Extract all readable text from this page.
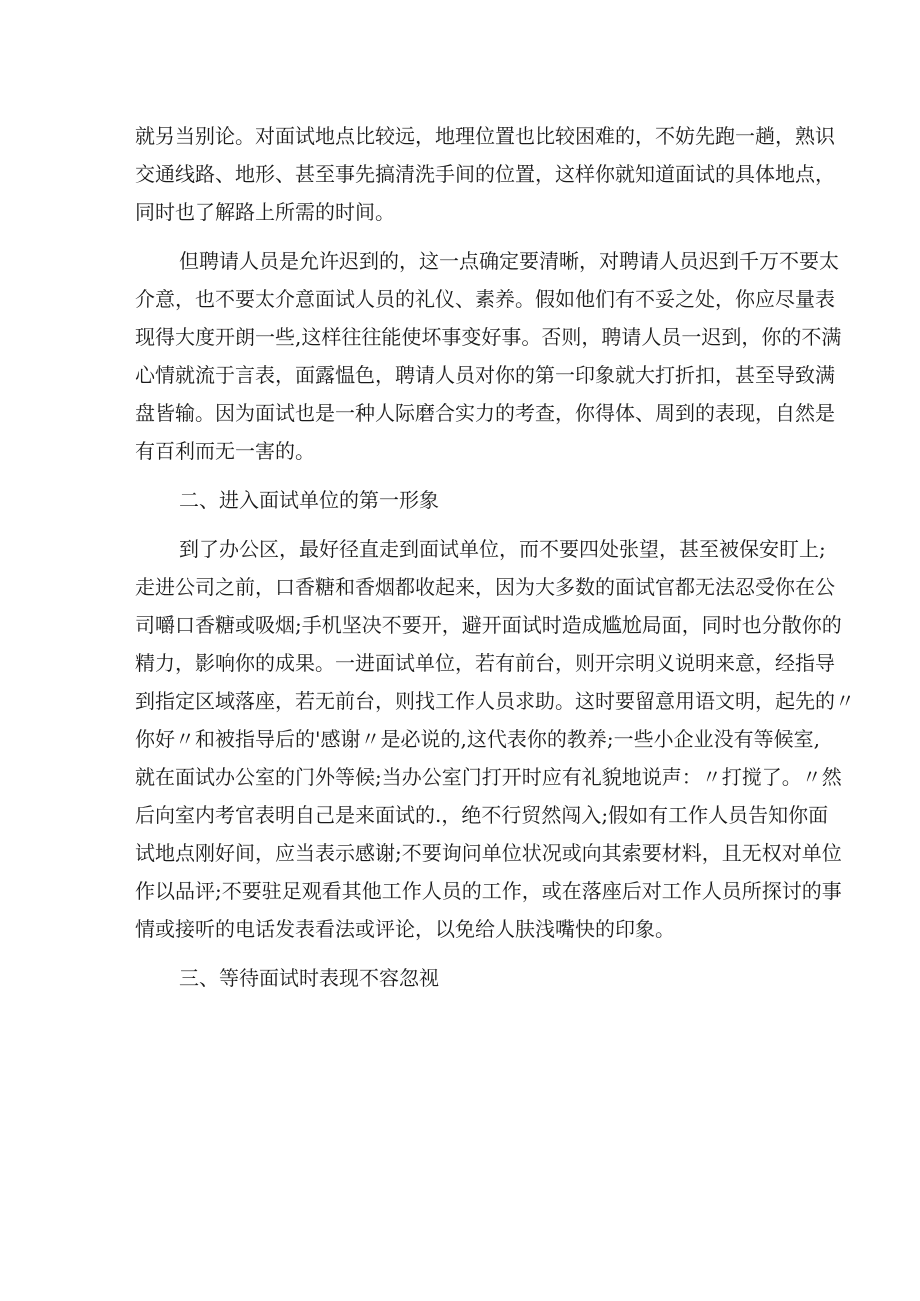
就另当别论。对面试地点比较远，地理位置也比较困难的，不妨先跑一趟，熟识
交通线路、地形、甚至事先搞清洗手间的位置，这样你就知道面试的具体地点，
同时也了解路上所需的时间。
但聘请人员是允许迟到的，这一点确定要清晰，对聘请人员迟到千万不要太
介意，也不要太介意面试人员的礼仪、素养。假如他们有不妥之处，你应尽量表
现得大度开朗一些,这样往往能使坏事变好事。否则，聘请人员一迟到，你的不满
心情就流于言表，面露愠色，聘请人员对你的第一印象就大打折扣，甚至导致满
盘皆输。因为面试也是一种人际磨合实力的考查，你得体、周到的表现，自然是
有百利而无一害的。
二、进入面试单位的第一形象
到了办公区，最好径直走到面试单位，而不要四处张望，甚至被保安盯上;
走进公司之前，口香糖和香烟都收起来，因为大多数的面试官都无法忍受你在公
司嚼口香糖或吸烟;手机坚决不要开，避开面试时造成尴尬局面，同时也分散你的
精力，影响你的成果。一进面试单位，若有前台，则开宗明义说明来意，经指导
到指定区域落座，若无前台，则找工作人员求助。这时要留意用语文明，起先的〃
你好〃和被指导后的'感谢〃是必说的,这代表你的教养;一些小企业没有等候室,
就在面试办公室的门外等候;当办公室门打开时应有礼貌地说声：〃打搅了。〃然
后向室内考官表明自己是来面试的.，绝不行贸然闯入;假如有工作人员告知你面
试地点刚好间，应当表示感谢;不要询问单位状况或向其索要材料，且无权对单位
作以品评;不要驻足观看其他工作人员的工作，或在落座后对工作人员所探讨的事
情或接听的电话发表看法或评论，以免给人肤浅嘴快的印象。
三、等待面试时表现不容忽视
